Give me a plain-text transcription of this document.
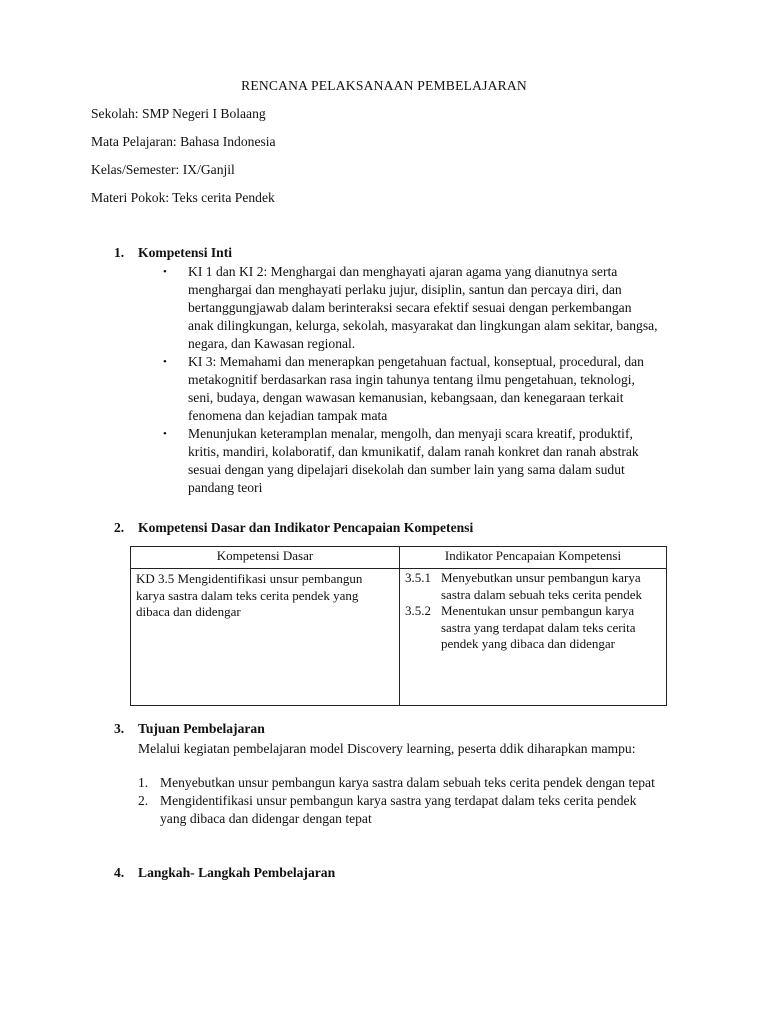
RENCANA PELAKSANAAN PEMBELAJARAN
Sekolah: SMP Negeri I Bolaang
Mata Pelajaran: Bahasa Indonesia
Kelas/Semester: IX/Ganjil
Materi Pokok: Teks cerita Pendek
1. Kompetensi Inti
• KI 1 dan KI 2: Menghargai dan menghayati ajaran agama yang dianutnya serta menghargai dan menghayati perlaku jujur, disiplin, santun dan percaya diri, dan bertanggungjawab dalam berinteraksi secara efektif sesuai dengan perkembangan anak dilingkungan, kelurga, sekolah, masyarakat dan lingkungan alam sekitar, bangsa, negara, dan Kawasan regional.
• KI 3: Memahami dan menerapkan pengetahuan factual, konseptual, procedural, dan metakognitif berdasarkan rasa ingin tahunya tentang ilmu pengetahuan, teknologi, seni, budaya, dengan wawasan kemanusian, kebangsaan, dan kenegaraan terkait fenomena dan kejadian tampak mata
• Menunjukan keteramplan menalar, mengolh, dan menyaji scara kreatif, produktif, kritis, mandiri, kolaboratif, dan kmunikatif, dalam ranah konkret dan ranah abstrak sesuai dengan yang dipelajari disekolah dan sumber lain yang sama dalam sudut pandang teori
2. Kompetensi Dasar dan Indikator Pencapaian Kompetensi
Kompetensi Dasar	Indikator Pencapaian Kompetensi
KD 3.5 Mengidentifikasi unsur pembangun karya sastra dalam teks cerita pendek yang dibaca dan didengar	3.5.1 Menyebutkan unsur pembangun karya sastra dalam sebuah teks cerita pendek
3.5.2 Menentukan unsur pembangun karya sastra yang terdapat dalam teks cerita pendek yang dibaca dan didengar
3. Tujuan Pembelajaran
Melalui kegiatan pembelajaran model Discovery learning, peserta ddik diharapkan mampu:
1. Menyebutkan unsur pembangun karya sastra dalam sebuah teks cerita pendek dengan tepat
2. Mengidentifikasi unsur pembangun karya sastra yang terdapat dalam teks cerita pendek yang dibaca dan didengar dengan tepat
4. Langkah- Langkah Pembelajaran
